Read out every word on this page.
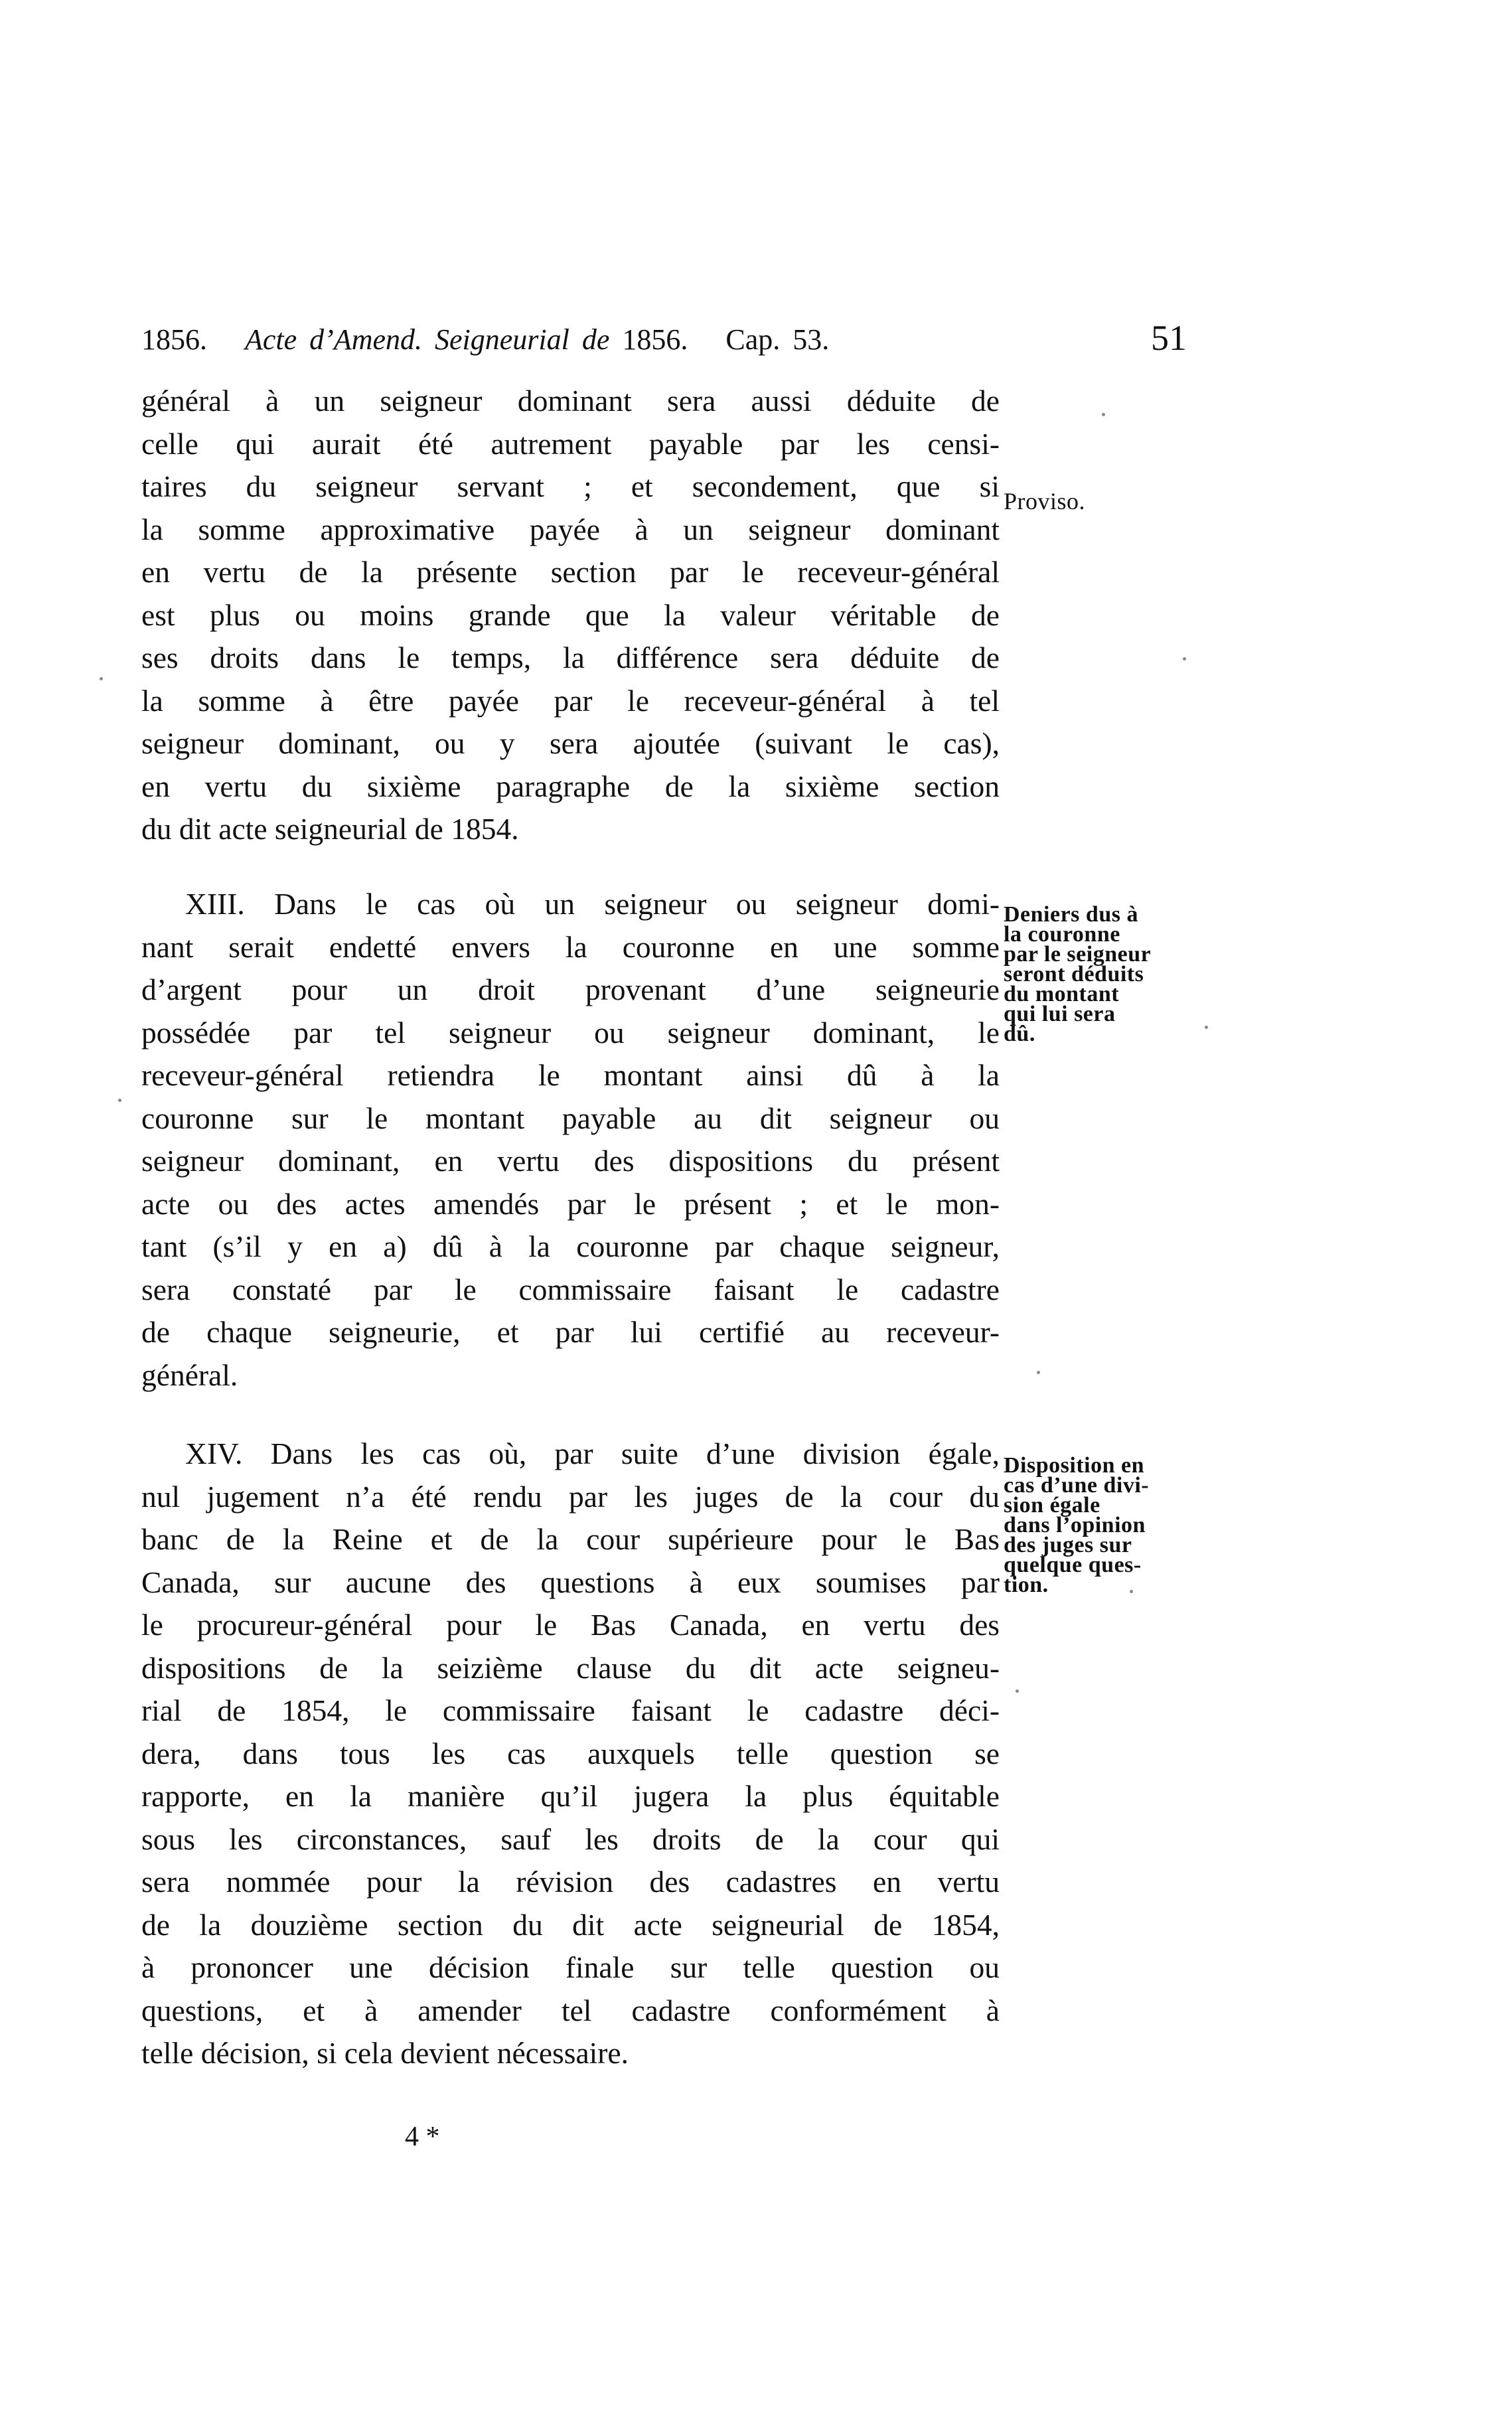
1856. Acte d’Amend. Seigneurial de 1856. Cap. 53.	51
général à un seigneur dominant sera aussi déduite de
celle qui aurait été autrement payable par les censi-
taires du seigneur servant ; et secondement, que si
la somme approximative payée à un seigneur dominant
en vertu de la présente section par le receveur-général
est plus ou moins grande que la valeur véritable de
ses droits dans le temps, la différence sera déduite de
la somme à être payée par le receveur-général à tel
seigneur dominant, ou y sera ajoutée (suivant le cas),
en vertu du sixième paragraphe de la sixième section
du dit acte seigneurial de 1854.
XIII. Dans le cas où un seigneur ou seigneur domi-
nant serait endetté envers la couronne en une somme
d’argent pour un droit provenant d’une seigneurie
possédée par tel seigneur ou seigneur dominant, le
receveur-général retiendra le montant ainsi dû à la
couronne sur le montant payable au dit seigneur ou
seigneur dominant, en vertu des dispositions du présent
acte ou des actes amendés par le présent ; et le mon-
tant (s’il y en a) dû à la couronne par chaque seigneur,
sera constaté par le commissaire faisant le cadastre
de chaque seigneurie, et par lui certifié au receveur-
général.
XIV. Dans les cas où, par suite d’une division égale,
nul jugement n’a été rendu par les juges de la cour du
banc de la Reine et de la cour supérieure pour le Bas
Canada, sur aucune des questions à eux soumises par
le procureur-général pour le Bas Canada, en vertu des
dispositions de la seizième clause du dit acte seigneu-
rial de 1854, le commissaire faisant le cadastre déci-
dera, dans tous les cas auxquels telle question se
rapporte, en la manière qu’il jugera la plus équitable
sous les circonstances, sauf les droits de la cour qui
sera nommée pour la révision des cadastres en vertu
de la douzième section du dit acte seigneurial de 1854,
à prononcer une décision finale sur telle question ou
questions, et à amender tel cadastre conformément à
telle décision, si cela devient nécessaire.
Proviso.
Deniers dus à
la couronne
par le seigneur
seront déduits
du montant
qui lui sera
dû.
Disposition en
cas d’une divi-
sion égale
dans l’opinion
des juges sur
quelque ques-
tion.
4 *
